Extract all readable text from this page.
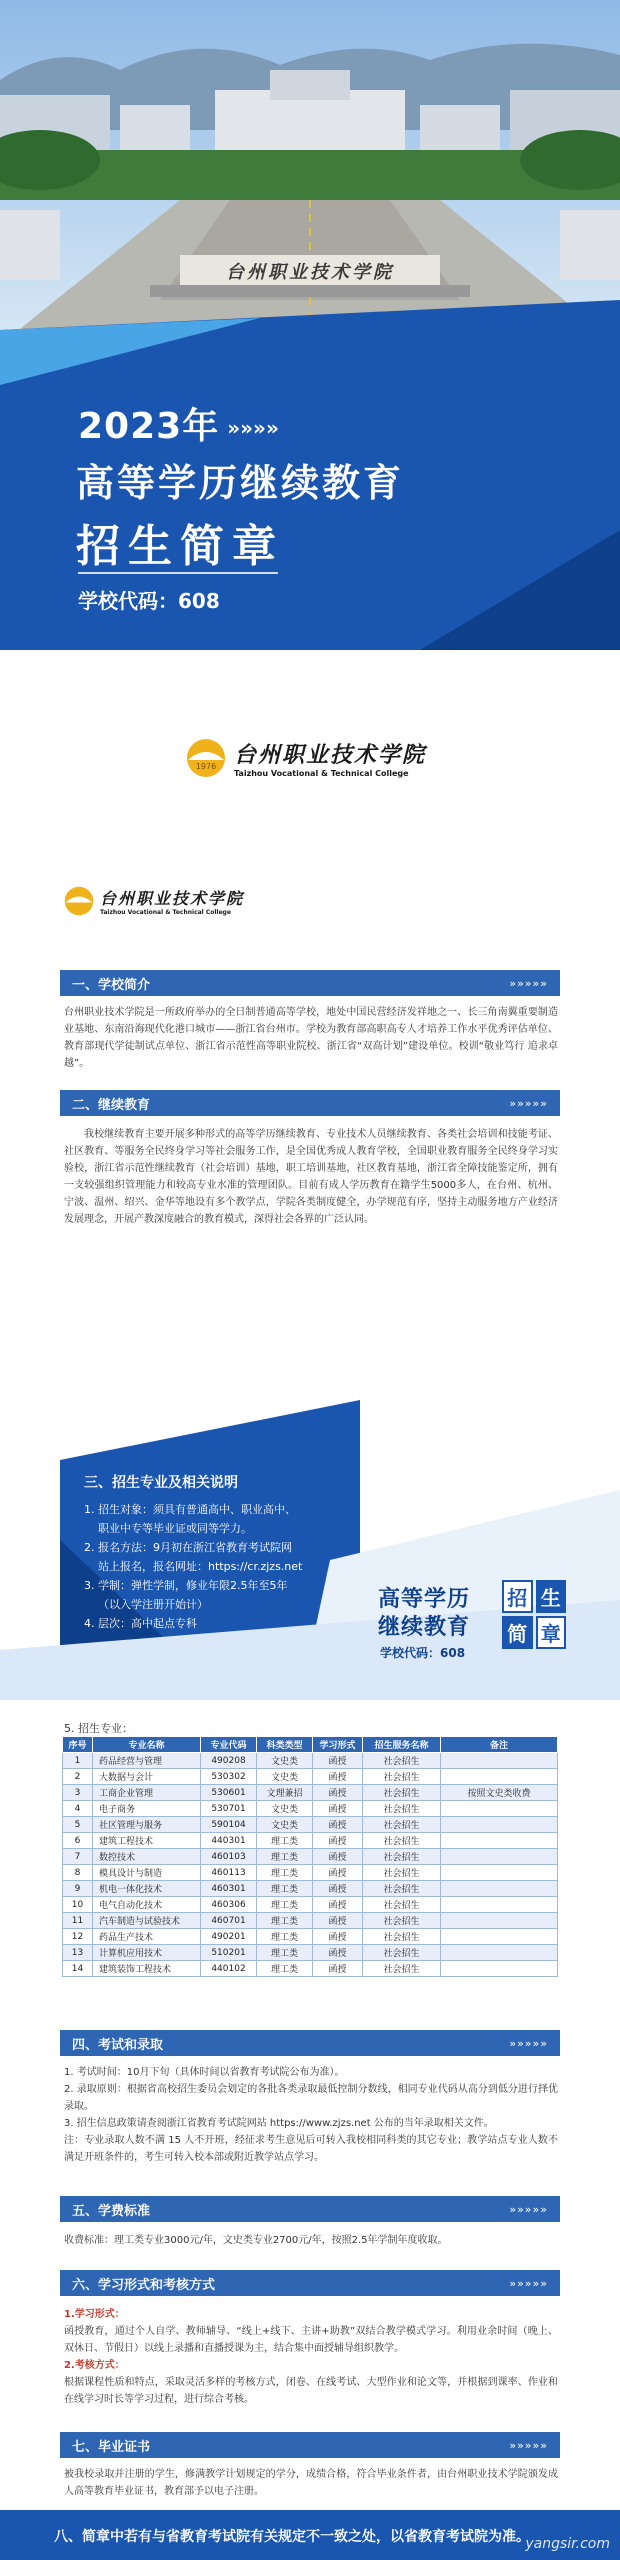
台州职业技术学院
2023年 »»»»
高等学历继续教育
招生简章
学校代码：608
1976 台州职业技术学院
Taizhou Vocational & Technical College
台州职业技术学院
Taizhou Vocational & Technical College
一、学校简介	»»»»»
台州职业技术学院是一所政府举办的全日制普通高等学校，地处中国民营经济发祥地之一、长三角南翼重要制造业基地、东南沿海现代化港口城市——浙江省台州市。学校为教育部高职高专人才培养工作水平优秀评估单位、教育部现代学徒制试点单位、浙江省示范性高等职业院校、浙江省“双高计划”建设单位。校训“敬业笃行 追求卓越”。
二、继续教育	»»»»»
我校继续教育主要开展多种形式的高等学历继续教育、专业技术人员继续教育、各类社会培训和技能考证、社区教育、等服务全民终身学习等社会服务工作，是全国优秀成人教育学校，全国职业教育服务全民终身学习实验校，浙江省示范性继续教育（社会培训）基地，职工培训基地，社区教育基地，浙江省全障技能鉴定所，拥有一支较强组织管理能力和较高专业水准的管理团队。目前有成人学历教育在籍学生5000多人，在台州、杭州、宁波、温州、绍兴、金华等地设有多个教学点，学院各类制度健全，办学规范有序，坚持主动服务地方产业经济发展理念，开展产教深度融合的教育模式，深得社会各界的广泛认同。
三、招生专业及相关说明
1. 招生对象：须具有普通高中、职业高中、
职业中专等毕业证或同等学力。
2. 报名方法：9月初在浙江省教育考试院网
站上报名，报名网址：https://cr.zjzs.net
3. 学制：弹性学制，修业年限2.5年至5年
（以入学注册开始计）
4. 层次：高中起点专科
高等学历
继续教育
学校代码：608
招 生
简 章
5. 招生专业：
序号	专业名称	专业代码	科类类型	学习形式	招生服务名称	备注
1	药品经营与管理	490208	文史类	函授	社会招生	
2	大数据与会计	530302	文史类	函授	社会招生	
3	工商企业管理	530601	文理兼招	函授	社会招生	按照文史类收费
4	电子商务	530701	文史类	函授	社会招生	
5	社区管理与服务	590104	文史类	函授	社会招生	
6	建筑工程技术	440301	理工类	函授	社会招生	
7	数控技术	460103	理工类	函授	社会招生	
8	模具设计与制造	460113	理工类	函授	社会招生	
9	机电一体化技术	460301	理工类	函授	社会招生	
10	电气自动化技术	460306	理工类	函授	社会招生	
11	汽车制造与试验技术	460701	理工类	函授	社会招生	
12	药品生产技术	490201	理工类	函授	社会招生	
13	计算机应用技术	510201	理工类	函授	社会招生	
14	建筑装饰工程技术	440102	理工类	函授	社会招生	
四、考试和录取	»»»»»
1. 考试时间：10月下旬（具体时间以省教育考试院公布为准）。
2. 录取原则：根据省高校招生委员会划定的各批各类录取最低控制分数线，相同专业代码从高分到低分进行择优录取。
3. 招生信息政策请查阅浙江省教育考试院网站 https://www.zjzs.net 公布的当年录取相关文件。
注：专业录取人数不满 15 人不开班，经征求考生意见后可转入我校相同科类的其它专业；教学站点专业人数不满足开班条件的，考生可转入校本部或附近教学站点学习。
五、学费标准	»»»»»
收费标准：理工类专业3000元/年，文史类专业2700元/年，按照2.5年学制年度收取。
六、学习形式和考核方式	»»»»»
1.学习形式：
函授教育，通过个人自学、教师辅导、“线上+线下、主讲+助教”双结合教学模式学习。利用业余时间（晚上、双休日、节假日）以线上录播和直播授课为主，结合集中面授辅导组织教学。
2.考核方式：
根据课程性质和特点，采取灵活多样的考核方式，闭卷、在线考试、大型作业和论文等，并根据到课率、作业和在线学习时长等学习过程，进行综合考核。
七、毕业证书	»»»»»
被我校录取并注册的学生，修满教学计划规定的学分，成绩合格，符合毕业条件者，由台州职业技术学院颁发成人高等教育毕业证书，教育部予以电子注册。
八、简章中若有与省教育考试院有关规定不一致之处，以省教育考试院为准。
yangsir.com
